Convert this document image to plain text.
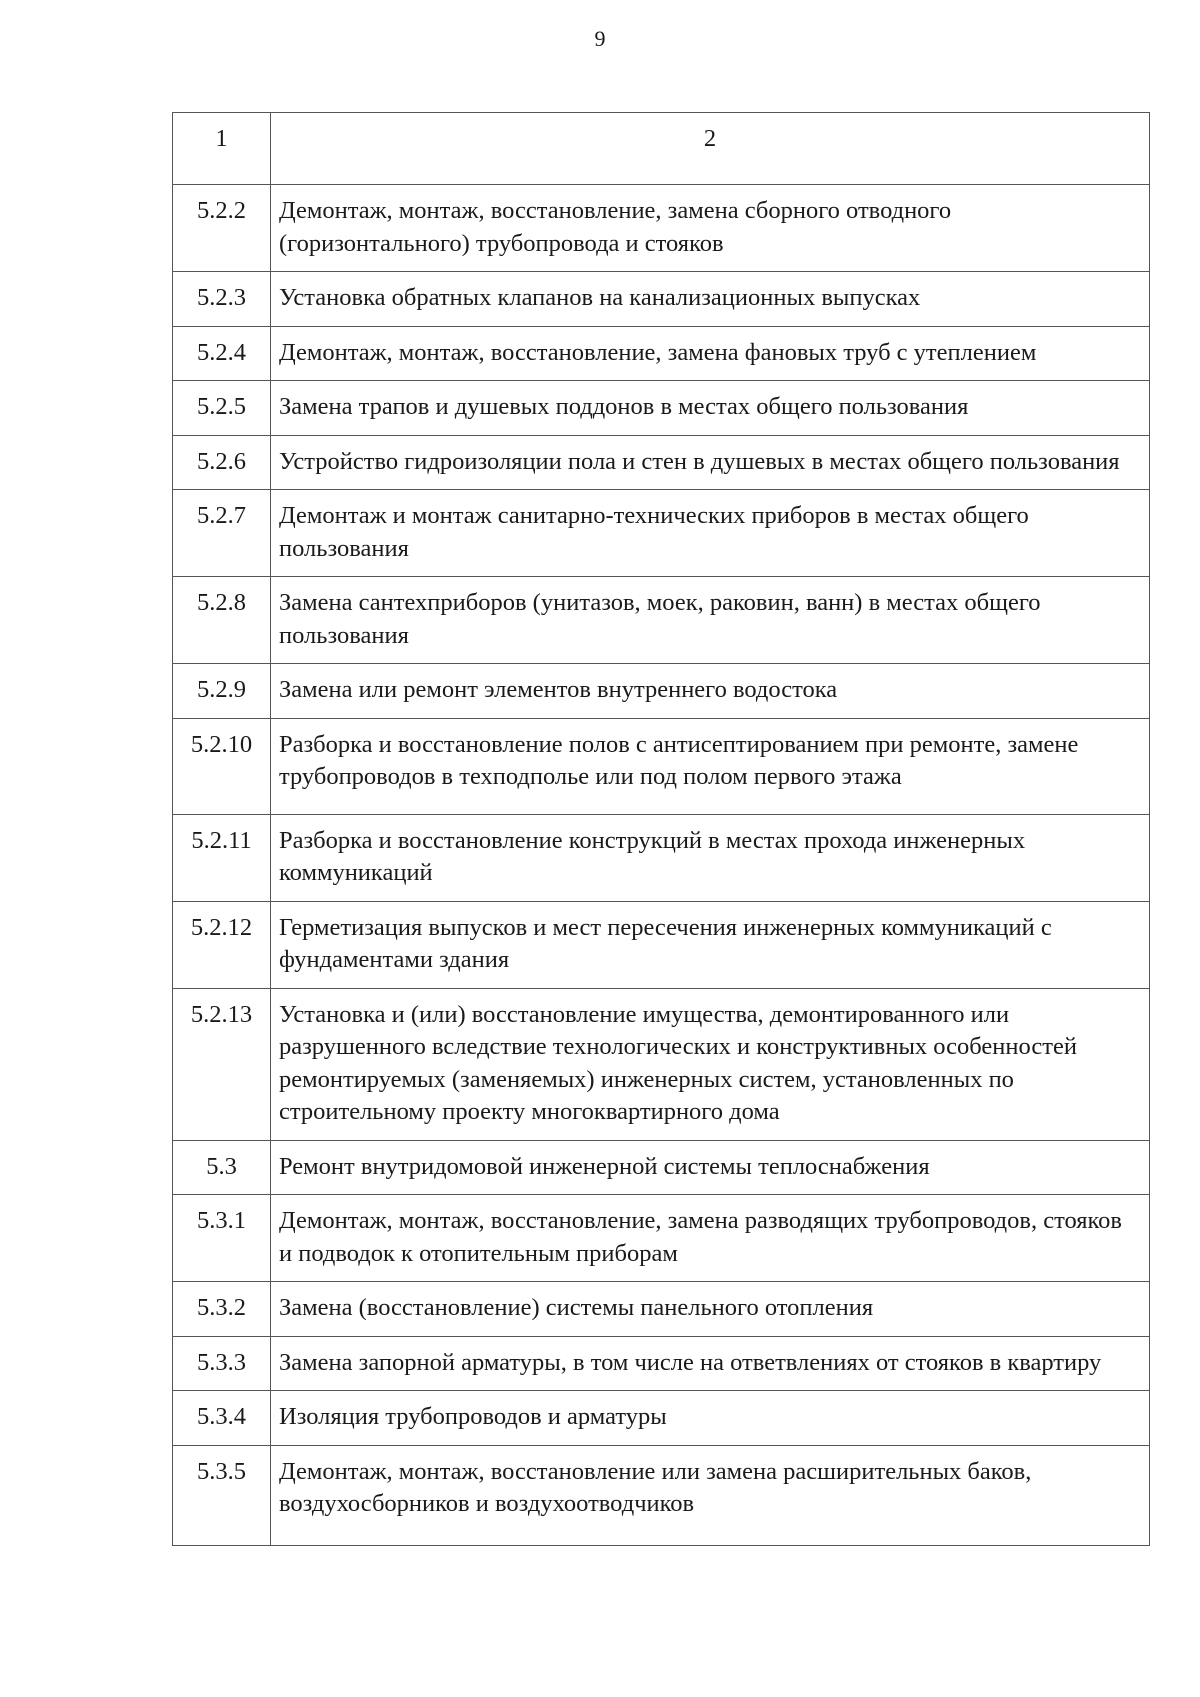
9
1	2
5.2.2	Демонтаж, монтаж, восстановление, замена сборного отводного (горизонтального) трубопровода и стояков
5.2.3	Установка обратных клапанов на канализационных выпусках
5.2.4	Демонтаж, монтаж, восстановление, замена фановых труб с утеплением
5.2.5	Замена трапов и душевых поддонов в местах общего пользования
5.2.6	Устройство гидроизоляции пола и стен в душевых в местах общего пользования
5.2.7	Демонтаж и монтаж санитарно-технических приборов в местах общего пользования
5.2.8	Замена сантехприборов (унитазов, моек, раковин, ванн) в местах общего пользования
5.2.9	Замена или ремонт элементов внутреннего водостока
5.2.10	Разборка и восстановление полов с антисептированием при ремонте, замене трубопроводов в техподполье или под полом первого этажа
5.2.11	Разборка и восстановление конструкций в местах прохода инженерных коммуникаций
5.2.12	Герметизация выпусков и мест пересечения инженерных коммуникаций с фундаментами здания
5.2.13	Установка и (или) восстановление имущества, демонтированного или разрушенного вследствие технологических и конструктивных особенностей ремонтируемых (заменяемых) инженерных систем, установленных по строительному проекту многоквартирного дома
5.3	Ремонт внутридомовой инженерной системы теплоснабжения
5.3.1	Демонтаж, монтаж, восстановление, замена разводящих трубопроводов, стояков и подводок к отопительным приборам
5.3.2	Замена (восстановление) системы панельного отопления
5.3.3	Замена запорной арматуры, в том числе на ответвлениях от стояков в квартиру
5.3.4	Изоляция трубопроводов и арматуры
5.3.5	Демонтаж, монтаж, восстановление или замена расширительных баков, воздухосборников и воздухоотводчиков
